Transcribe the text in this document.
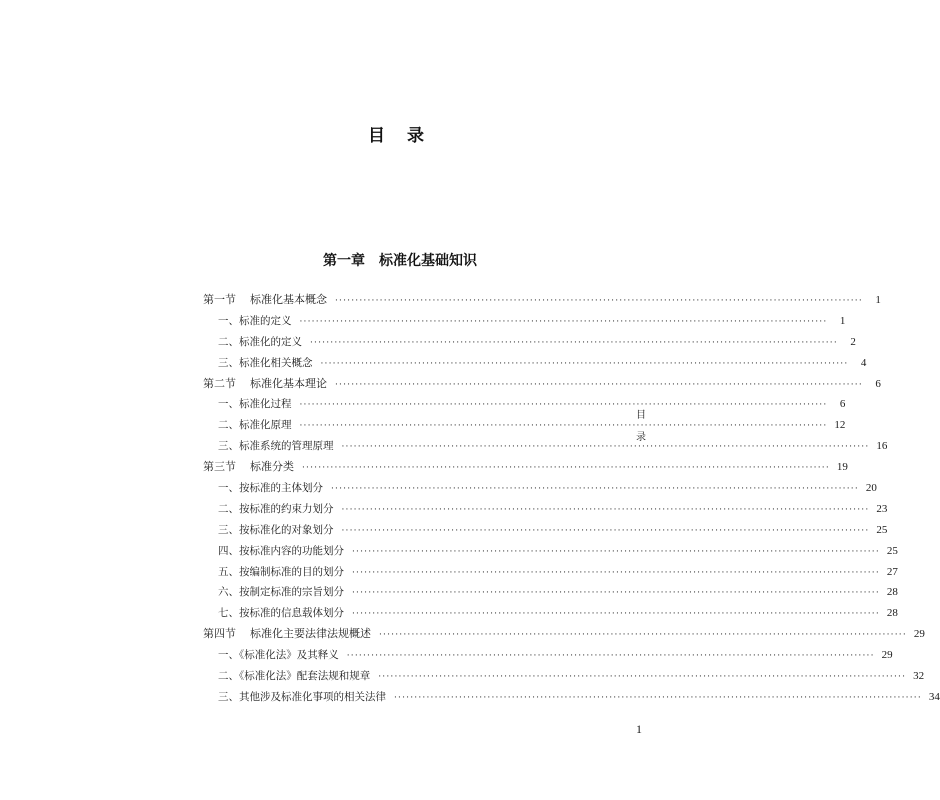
目 录
第一章　标准化基础知识
第一节 标准化基本概念 ··································································································································	1
一、标准的定义 ··································································································································	1
二、标准化的定义 ··································································································································	2
三、标准化相关概念 ··································································································································	4
第二节 标准化基本理论 ··································································································································	6
一、标准化过程 ··································································································································	6
二、标准化原理 ·································································································································· 12
三、标准系统的管理原理 ·································································································································· 16
第三节 标准分类 ·································································································································· 19
一、按标准的主体划分 ·································································································································· 20
二、按标准的约束力划分 ·································································································································· 23
三、按标准化的对象划分 ·································································································································· 25
四、按标准内容的功能划分 ·································································································································· 25
五、按编制标准的目的划分 ·································································································································· 27
六、按制定标准的宗旨划分 ·································································································································· 28
七、按标准的信息载体划分 ·································································································································· 28
第四节 标准化主要法律法规概述 ·································································································································· 29
一、《标准化法》及其释义 ·································································································································· 29
二、《标准化法》配套法规和规章 ·································································································································· 32
三、其他涉及标准化事项的相关法律 ·································································································································· 34
目
录
1
